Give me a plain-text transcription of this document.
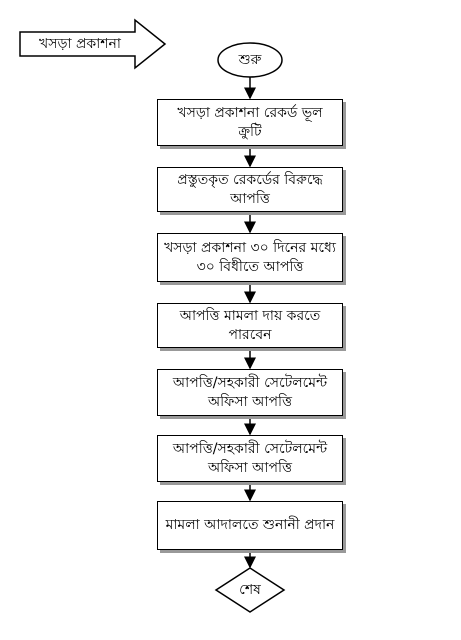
খসড়া প্রকাশনা
শুরু
খসড়া প্রকাশনা রেকর্ড ভূল ক্রুটি
প্রস্তুতকৃত রেকর্ডের বিরুদ্ধে আপত্তি
খসড়া প্রকাশনা ৩০ দিনের মধ্যে ৩০ বিধীতে আপত্তি
আপত্তি মামলা দায় করতে পারবেন
আপত্তি/সহকারী সেটেলমেন্ট অফিসা আপত্তি
আপত্তি/সহকারী সেটেলমেন্ট অফিসা আপত্তি
মামলা আদালতে শুনানী প্রদান
শেষ
